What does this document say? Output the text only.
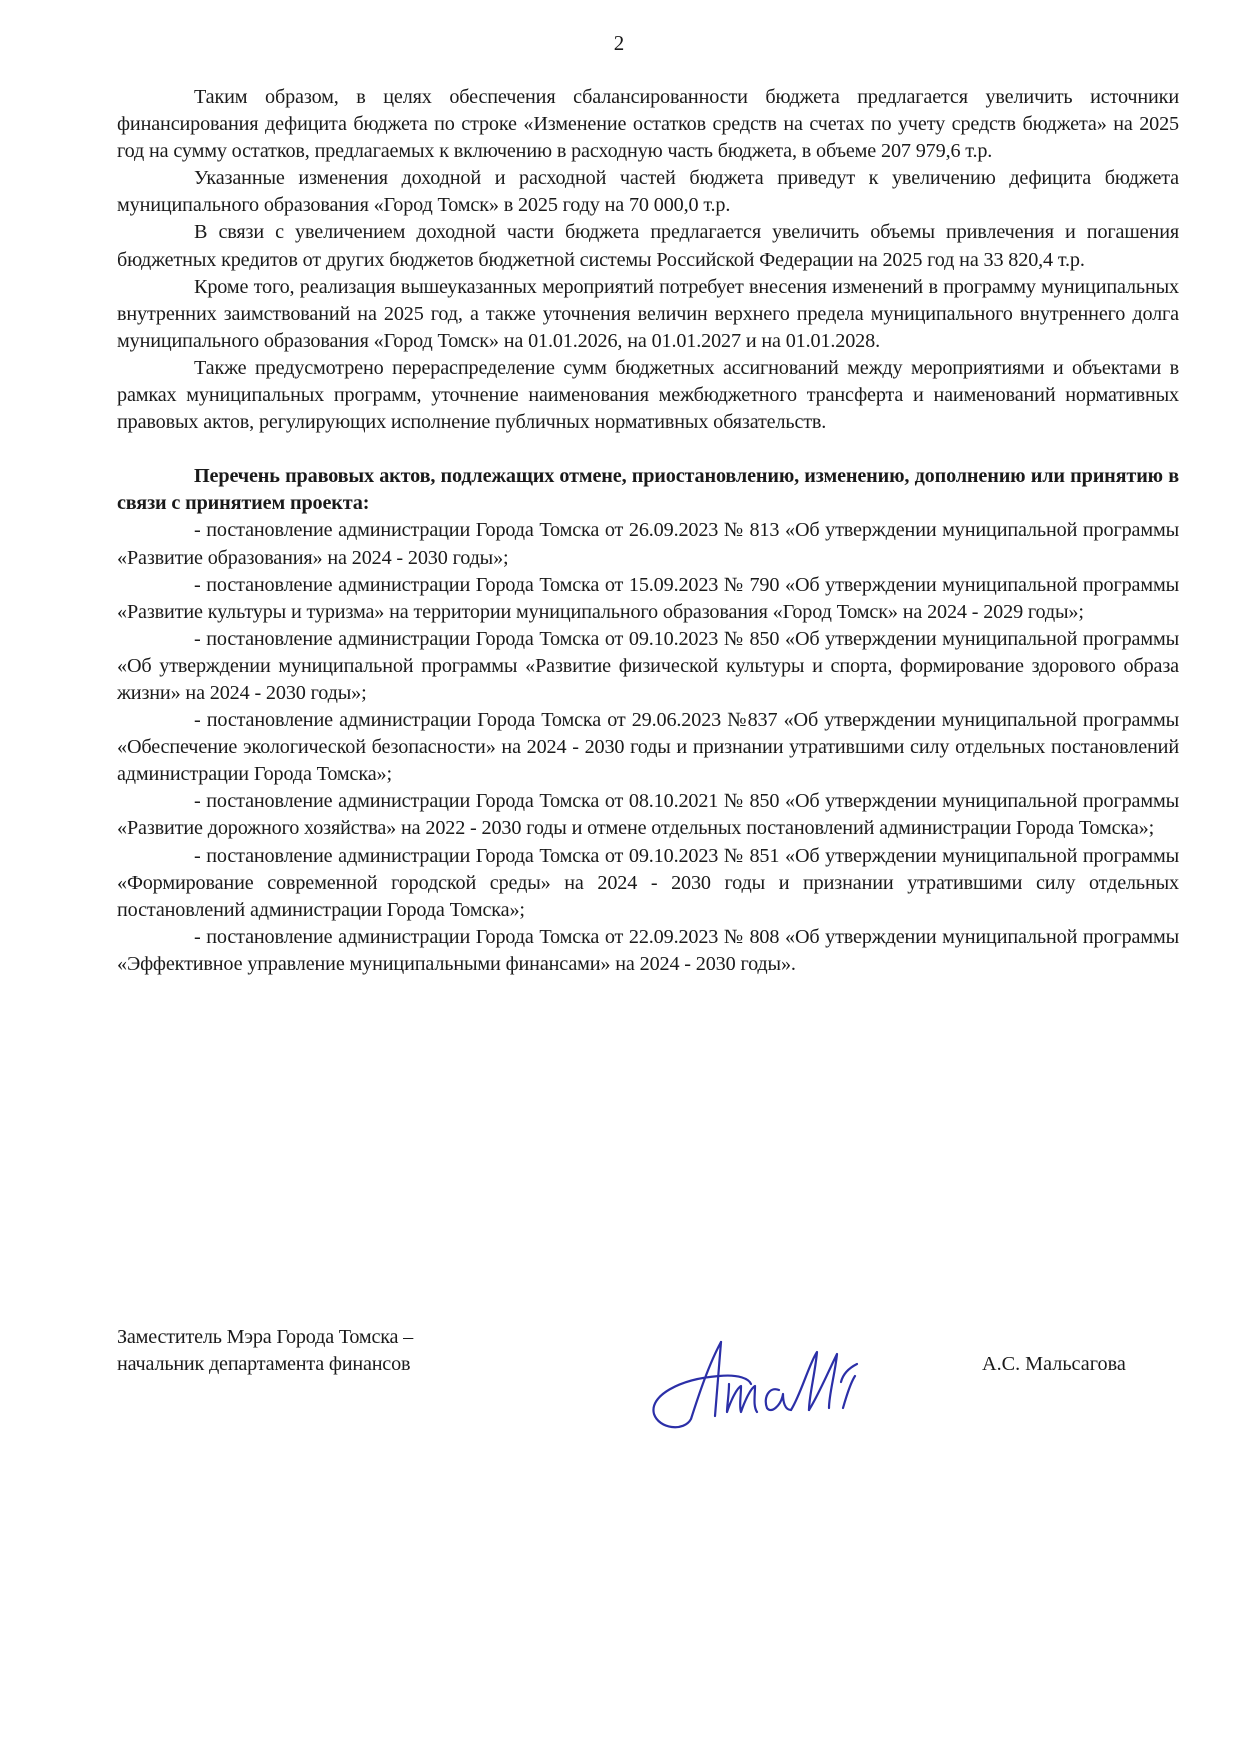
2

Таким образом, в целях обеспечения сбалансированности бюджета предлагается увеличить источники финансирования дефицита бюджета по строке «Изменение остатков средств на счетах по учету средств бюджета» на 2025 год на сумму остатков, предлагаемых к включению в расходную часть бюджета, в объеме 207 979,6 т.р.

Указанные изменения доходной и расходной частей бюджета приведут к увеличению дефицита бюджета муниципального образования «Город Томск» в 2025 году на 70 000,0 т.р.

В связи с увеличением доходной части бюджета предлагается увеличить объемы привлечения и погашения бюджетных кредитов от других бюджетов бюджетной системы Российской Федерации на 2025 год на 33 820,4 т.р.

Кроме того, реализация вышеуказанных мероприятий потребует внесения изменений в программу муниципальных внутренних заимствований на 2025 год, а также уточнения величин верхнего предела муниципального внутреннего долга муниципального образования «Город Томск» на 01.01.2026, на 01.01.2027 и на 01.01.2028.

Также предусмотрено перераспределение сумм бюджетных ассигнований между мероприятиями и объектами в рамках муниципальных программ, уточнение наименования межбюджетного трансферта и наименований нормативных правовых актов, регулирующих исполнение публичных нормативных обязательств.

Перечень правовых актов, подлежащих отмене, приостановлению, изменению, дополнению или принятию в связи с принятием проекта:

- постановление администрации Города Томска от 26.09.2023 № 813 «Об утверждении муниципальной программы «Развитие образования» на 2024 - 2030 годы»;

- постановление администрации Города Томска от 15.09.2023 № 790 «Об утверждении муниципальной программы «Развитие культуры и туризма» на территории муниципального образования «Город Томск» на 2024 - 2029 годы»;

- постановление администрации Города Томска от 09.10.2023 № 850 «Об утверждении муниципальной программы «Об утверждении муниципальной программы «Развитие физической культуры и спорта, формирование здорового образа жизни» на 2024 - 2030 годы»;

- постановление администрации Города Томска от 29.06.2023 №837 «Об утверждении муниципальной программы «Обеспечение экологической безопасности» на 2024 - 2030 годы и признании утратившими силу отдельных постановлений администрации Города Томска»;

- постановление администрации Города Томска от 08.10.2021 № 850 «Об утверждении муниципальной программы «Развитие дорожного хозяйства» на 2022 - 2030 годы и отмене отдельных постановлений администрации Города Томска»;

- постановление администрации Города Томска от 09.10.2023 № 851 «Об утверждении муниципальной программы «Формирование современной городской среды» на 2024 - 2030 годы и признании утратившими силу отдельных постановлений администрации Города Томска»;

- постановление администрации Города Томска от 22.09.2023 № 808 «Об утверждении муниципальной программы «Эффективное управление муниципальными финансами» на 2024 - 2030 годы».

Заместитель Мэра Города Томска –
начальник департамента финансов	А.С. Мальсагова
